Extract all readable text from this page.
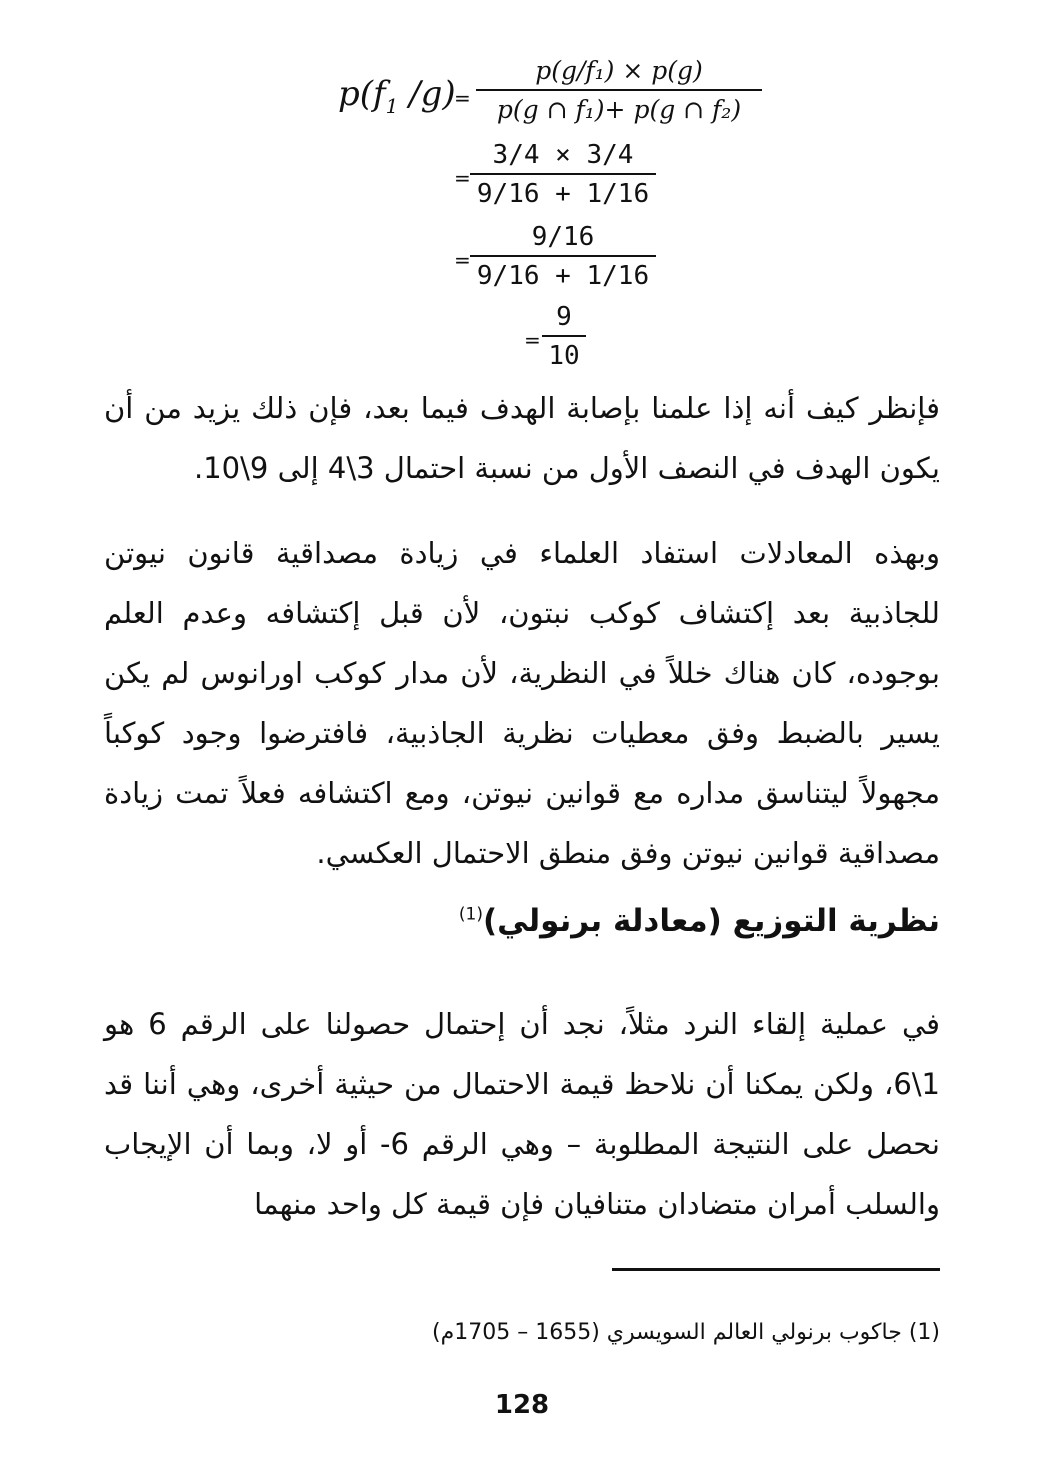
$p(f_1$ /g)
=
p(g/f₁) × p(g)
p(g ∩ f₁)+ p(g ∩ f₂)
=
3/4 × 3/4
9/16 + 1/16
=
9/16
9/16 + 1/16
=
9
10

فإنظر كيف أنه إذا علمنا بإصابة الهدف فيما بعد، فإن ذلك يزيد من أن يكون الهدف في النصف الأول من نسبة احتمال 3\4 إلى 9\10.

وبهذه المعادلات استفاد العلماء في زيادة مصداقية قانون نيوتن للجاذبية بعد إكتشاف كوكب نبتون، لأن قبل إكتشافه وعدم العلم بوجوده، كان هناك خللاً في النظرية، لأن مدار كوكب اورانوس لم يكن يسير بالضبط وفق معطيات نظرية الجاذبية، فافترضوا وجود كوكباً مجهولاً ليتناسق مداره مع قوانين نيوتن، ومع اكتشافه فعلاً تمت زيادة مصداقية قوانين نيوتن وفق منطق الاحتمال العكسي.

نظرية التوزيع (معادلة برنولي)$^{(1)}$

في عملية إلقاء النرد مثلاً، نجد أن إحتمال حصولنا على الرقم 6 هو 1\6، ولكن يمكنا أن نلاحظ قيمة الاحتمال من حيثية أخرى، وهي أننا قد نحصل على النتيجة المطلوبة – وهي الرقم 6- أو لا، وبما أن الإيجاب والسلب أمران متضادان متنافيان فإن قيمة كل واحد منهما

(1) جاكوب برنولي العالم السويسري (1655 – 1705م)
128
